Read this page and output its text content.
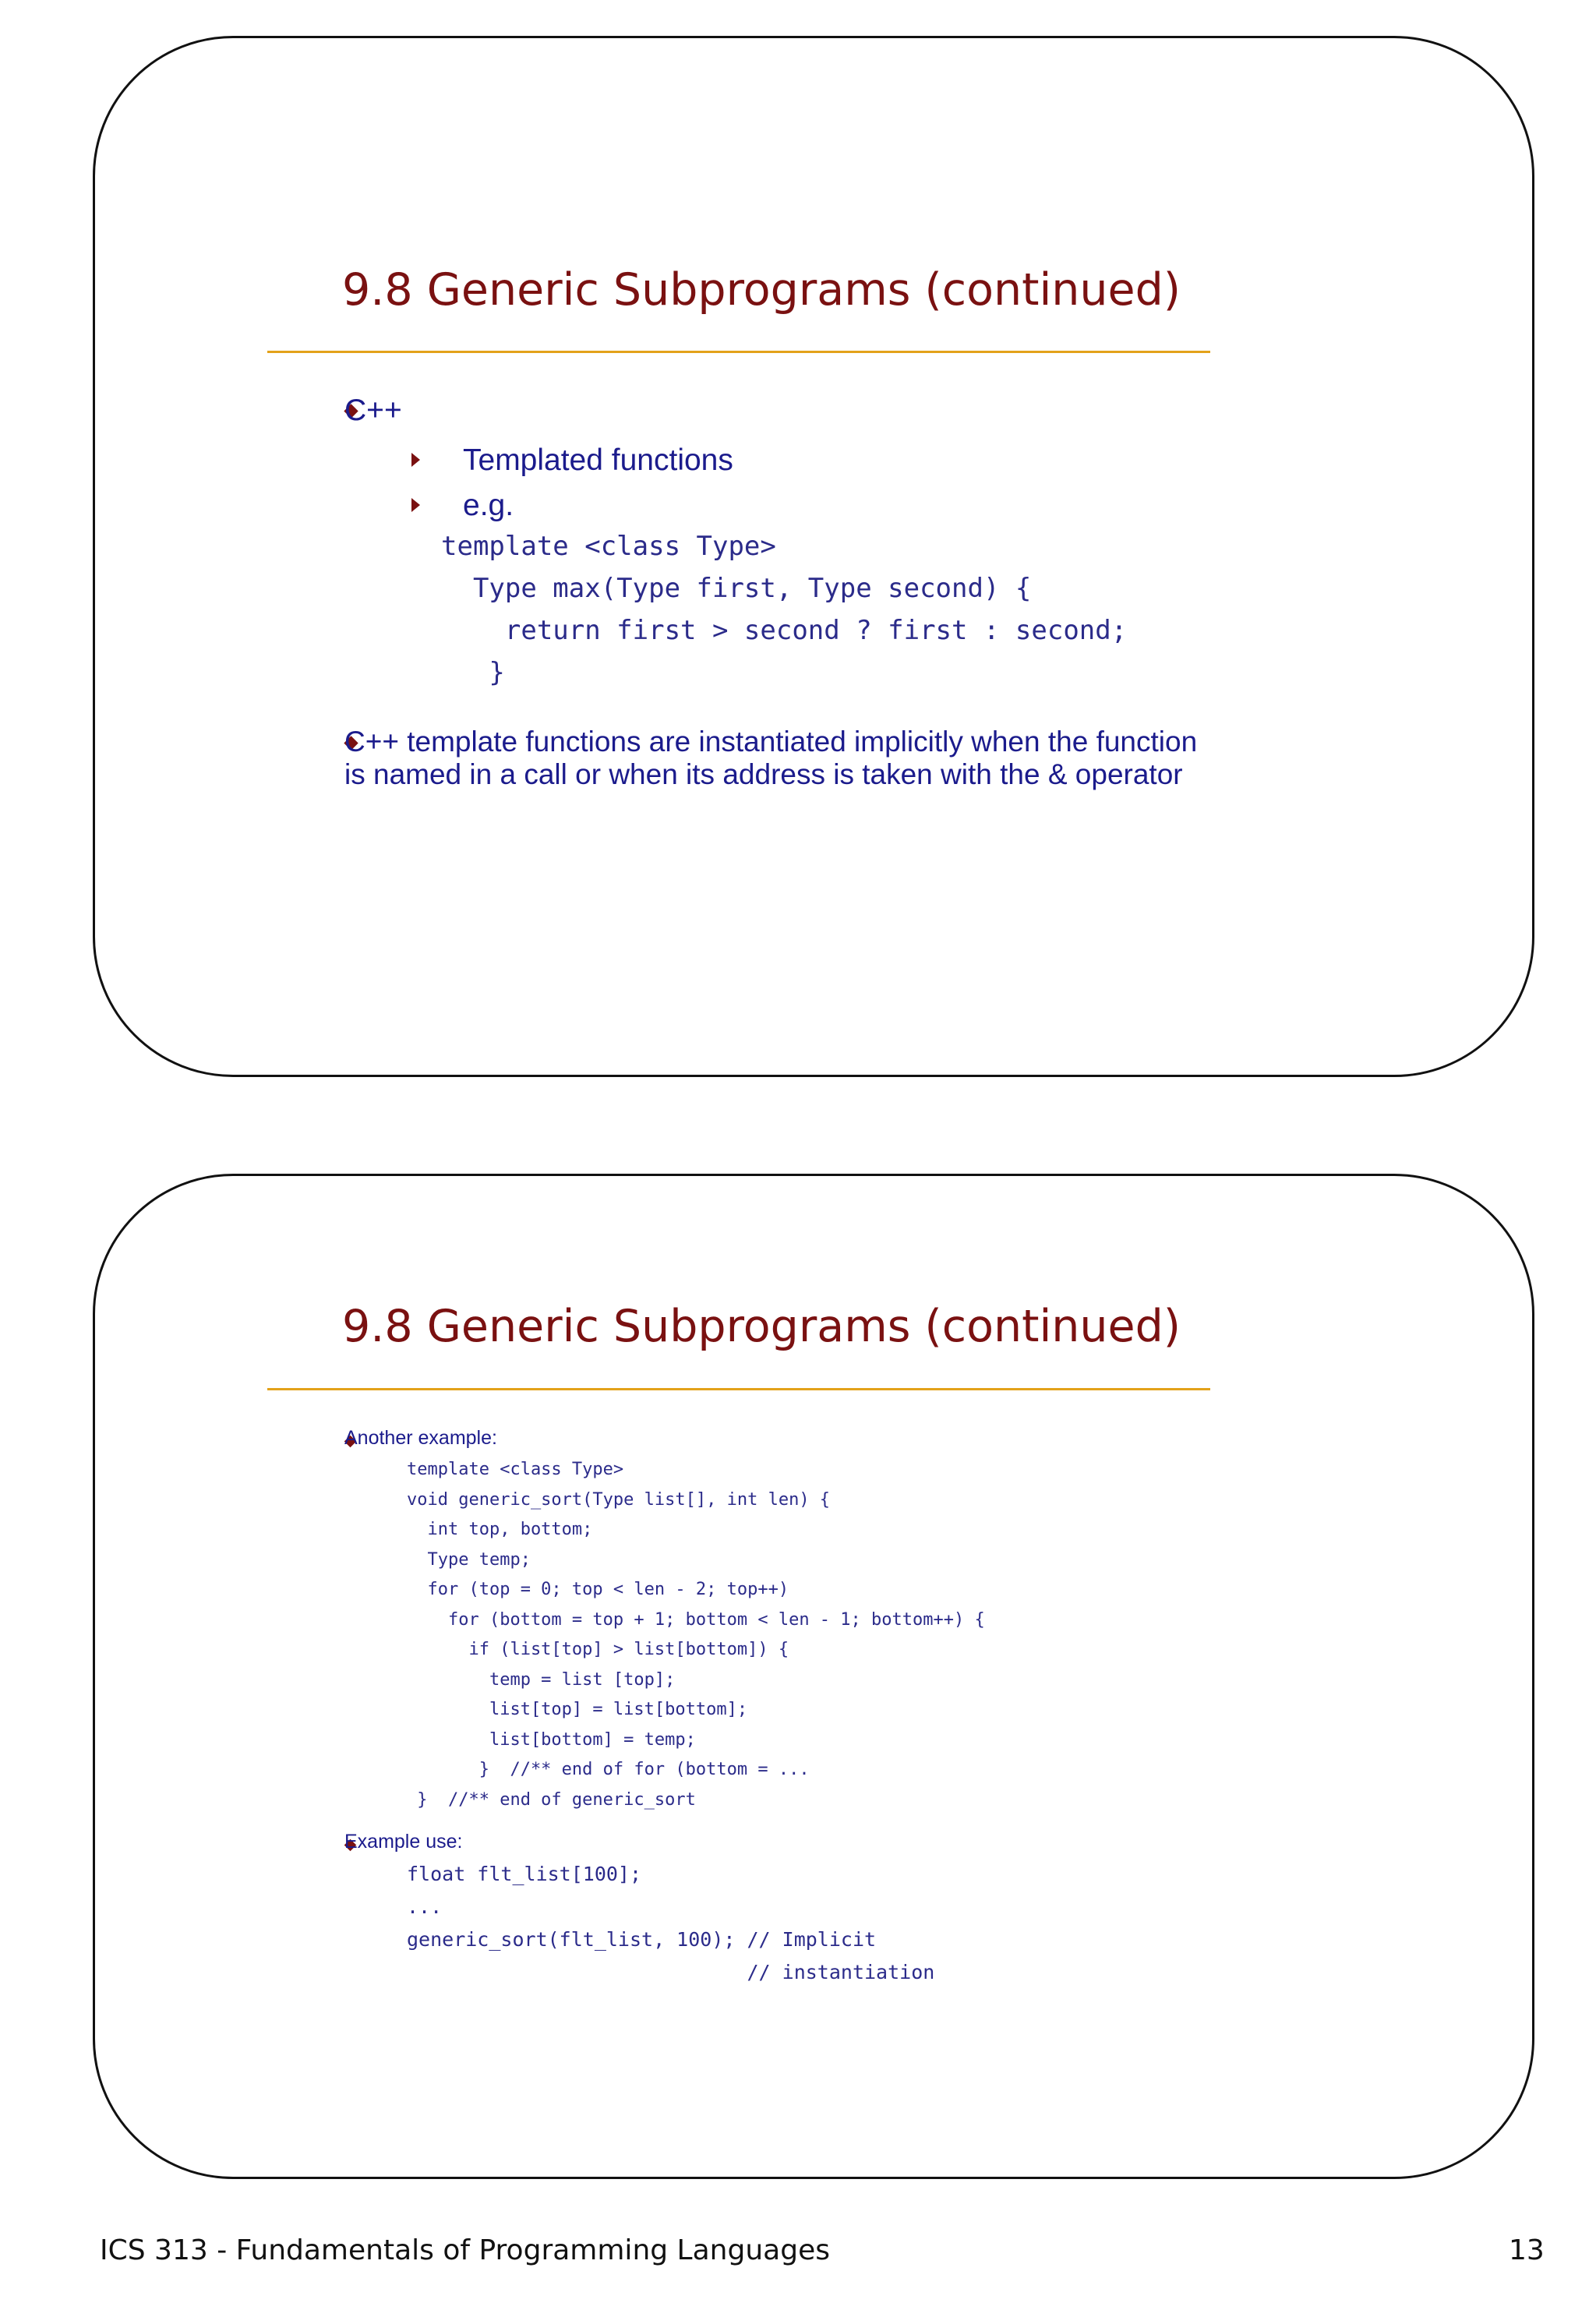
9.8 Generic Subprograms (continued)
C++
Templated functions
e.g.
template <class Type>
Type max(Type first, Type second) {
return first > second ? first : second;
}
C++ template functions are instantiated implicitly when the function
is named in a call or when its address is taken with the & operator
9.8 Generic Subprograms (continued)
Another example:
template <class Type>
void generic_sort(Type list[], int len) {
int top, bottom;
Type temp;
for (top = 0; top < len - 2; top++)
for (bottom = top + 1; bottom < len - 1; bottom++) {
if (list[top] > list[bottom]) {
temp = list [top];
list[top] = list[bottom];
list[bottom] = temp;
}  //** end of for (bottom = ...
}  //** end of generic_sort
Example use:
float flt_list[100];
...
generic_sort(flt_list, 100); // Implicit
// instantiation
ICS 313 - Fundamentals of Programming Languages	13
